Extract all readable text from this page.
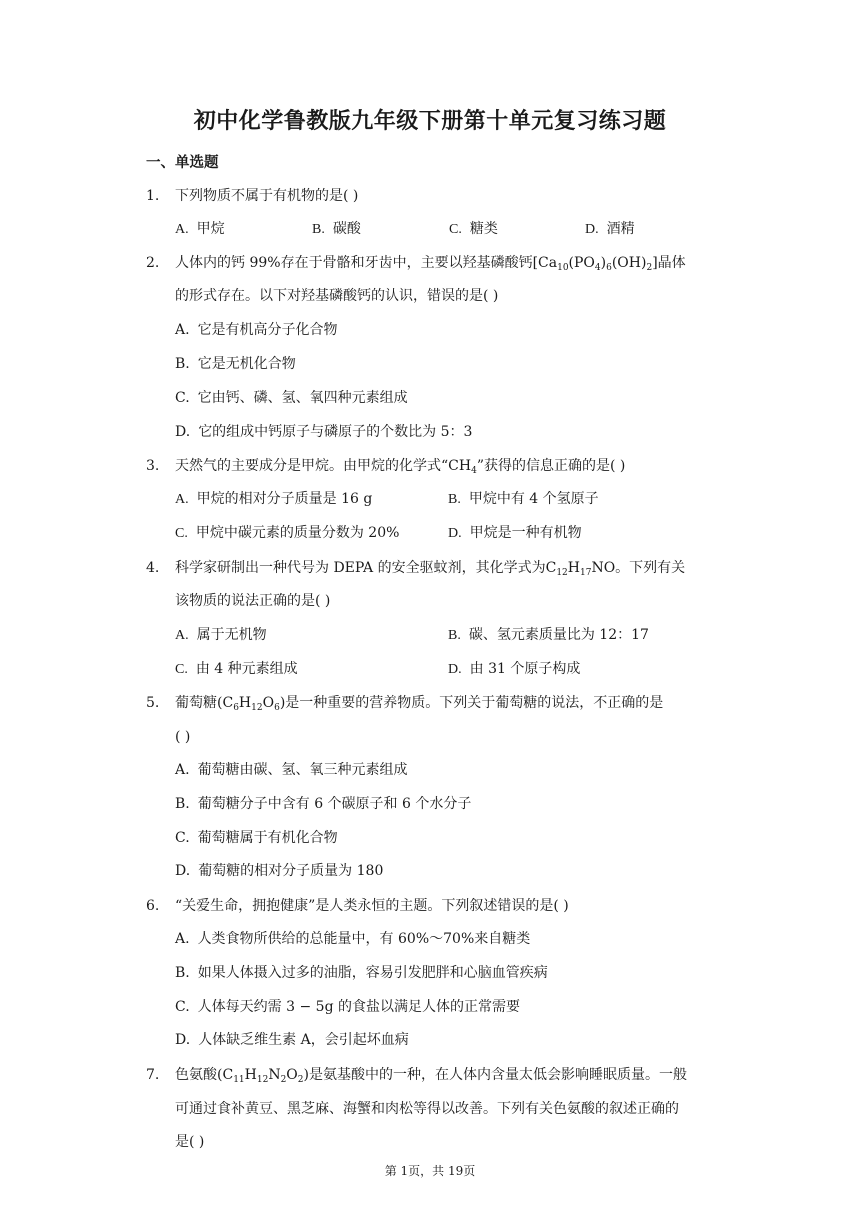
初中化学鲁教版九年级下册第十单元复习练习题
一、单选题
1. 下列物质不属于有机物的是( )
A. 甲烷	B. 碳酸	C. 糖类	D. 酒精
2. 人体内的钙 99%存在于骨骼和牙齿中，主要以羟基磷酸钙$[Ca_{10}(PO_4)_6(OH)_2]$晶体
的形式存在。以下对羟基磷酸钙的认识，错误的是( )
A. 它是有机高分子化合物
B. 它是无机化合物
C. 它由钙、磷、氢、氧四种元素组成
D. 它的组成中钙原子与磷原子的个数比为 5：3
3. 天然气的主要成分是甲烷。由甲烷的化学式“$CH_4$”获得的信息正确的是( )
A. 甲烷的相对分子质量是 16 g	B. 甲烷中有 4 个氢原子
C. 甲烷中碳元素的质量分数为 20%	D. 甲烷是一种有机物
4. 科学家研制出一种代号为 DEPA 的安全驱蚊剂，其化学式为$C_{12}H_{17}NO$。下列有关
该物质的说法正确的是( )
A. 属于无机物	B. 碳、氢元素质量比为 12：17
C. 由 4 种元素组成	D. 由 31 个原子构成
5. 葡萄糖$(C_6H_{12}O_6)$是一种重要的营养物质。下列关于葡萄糖的说法，不正确的是
( )
A. 葡萄糖由碳、氢、氧三种元素组成
B. 葡萄糖分子中含有 6 个碳原子和 6 个水分子
C. 葡萄糖属于有机化合物
D. 葡萄糖的相对分子质量为 180
6. “关爱生命，拥抱健康”是人类永恒的主题。下列叙述错误的是( )
A. 人类食物所供给的总能量中，有 60%～70%来自糖类
B. 如果人体摄入过多的油脂，容易引发肥胖和心脑血管疾病
C. 人体每天约需 3 − 5g 的食盐以满足人体的正常需要
D. 人体缺乏维生素 A，会引起坏血病
7. 色氨酸$(C_{11}H_{12}N_2O_2)$是氨基酸中的一种，在人体内含量太低会影响睡眠质量。一般
可通过食补黄豆、黑芝麻、海蟹和肉松等得以改善。下列有关色氨酸的叙述正确的
是( )
第 1页，共 19页
